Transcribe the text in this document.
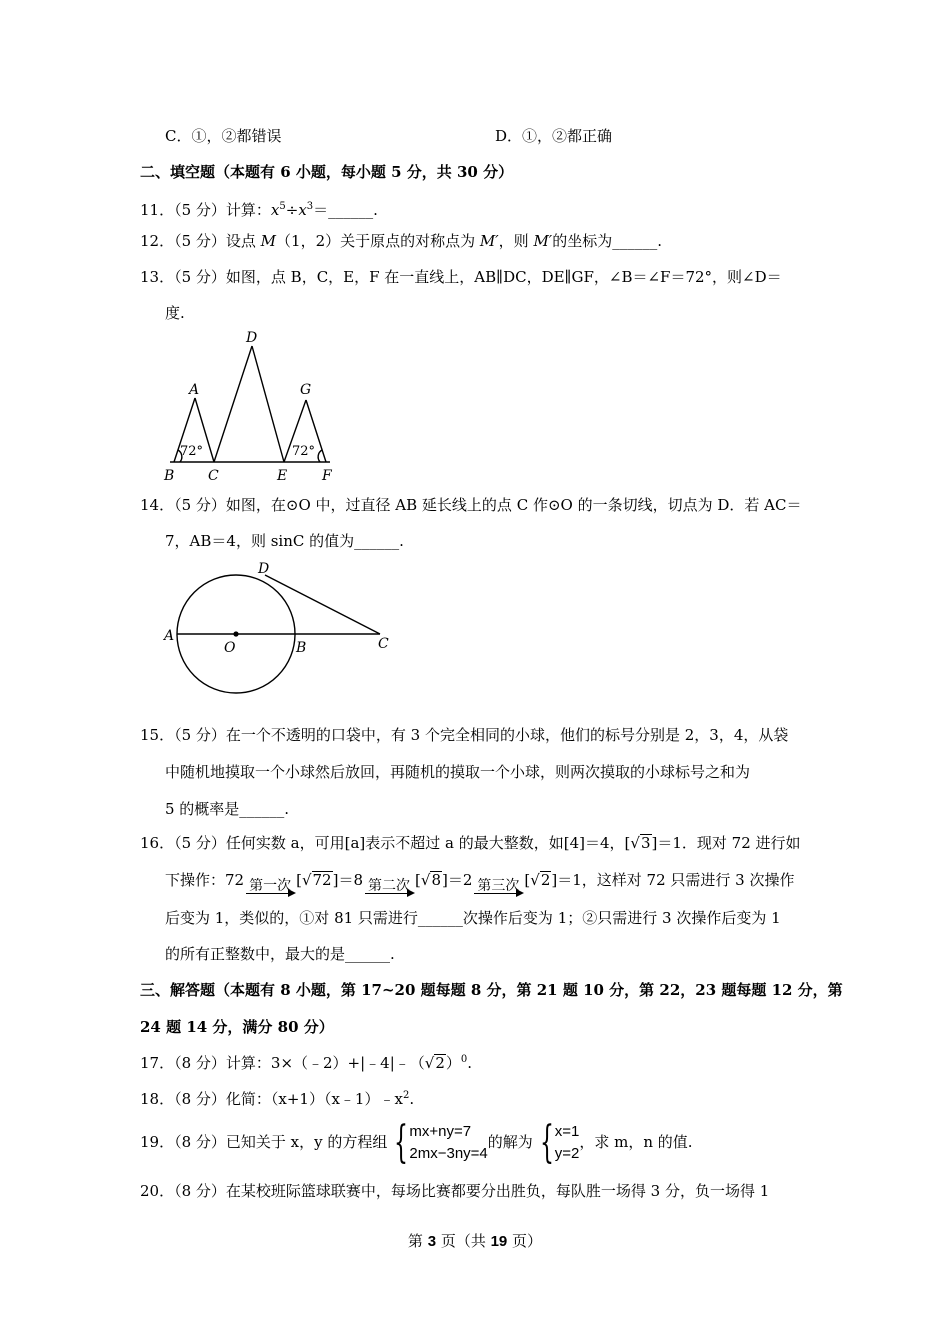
C．①，②都错误	D．①，②都正确
二、填空题（本题有 6 小题，每小题 5 分，共 30 分）
11．（5 分）计算：$x^5\div x^3=\_\_\_\_\_\_$.
12．（5 分）设点 M（1，2）关于原点的对称点为 M′，则 M′的坐标为______.
13．（5 分）如图，点 B，C，E，F 在一直线上，AB∥DC，DE∥GF，∠B＝∠F＝72°，则∠D＝
度.
A
B C
D
E F
G
72°	72°
14．（5 分）如图，在⊙O 中，过直径 AB 延长线上的点 C 作⊙O 的一条切线，切点为 D．若 AC＝
7，AB＝4，则 sinC 的值为______.
A
O	B	C
D
15．（5 分）在一个不透明的口袋中，有 3 个完全相同的小球，他们的标号分别是 2，3，4，从袋
中随机地摸取一个小球然后放回，再随机的摸取一个小球，则两次摸取的小球标号之和为
5 的概率是______.
16．（5 分）任何实数 a，可用[a]表示不超过 a 的最大整数，如[4]＝4，[√3]＝1．现对 72 进行如
下操作：72 第一次 [√72]＝8 第二次 [√8]＝2 第三次 [√2]＝1，这样对 72 只需进行 3 次操作
后变为 1，类似的，①对 81 只需进行______次操作后变为 1；②只需进行 3 次操作后变为 1
的所有正整数中，最大的是______.
三、解答题（本题有 8 小题，第 17~20 题每题 8 分，第 21 题 10 分，第 22，23 题每题 12 分，第
24 题 14 分，满分 80 分）
17．（8 分）计算：$3\times(﹣2)+|﹣4|﹣(√2)^0$.
18．（8 分）化简：$(x+1)(x﹣1)﹣x^2$.
19．（8 分）已知关于 x，y 的方程组 { mx+ny=7
2mx−3ny=4
的解为 { x=1
y=2
，求 m，n 的值.
20．（8 分）在某校班际篮球联赛中，每场比赛都要分出胜负，每队胜一场得 3 分，负一场得 1
第 3 页（共 19 页）
